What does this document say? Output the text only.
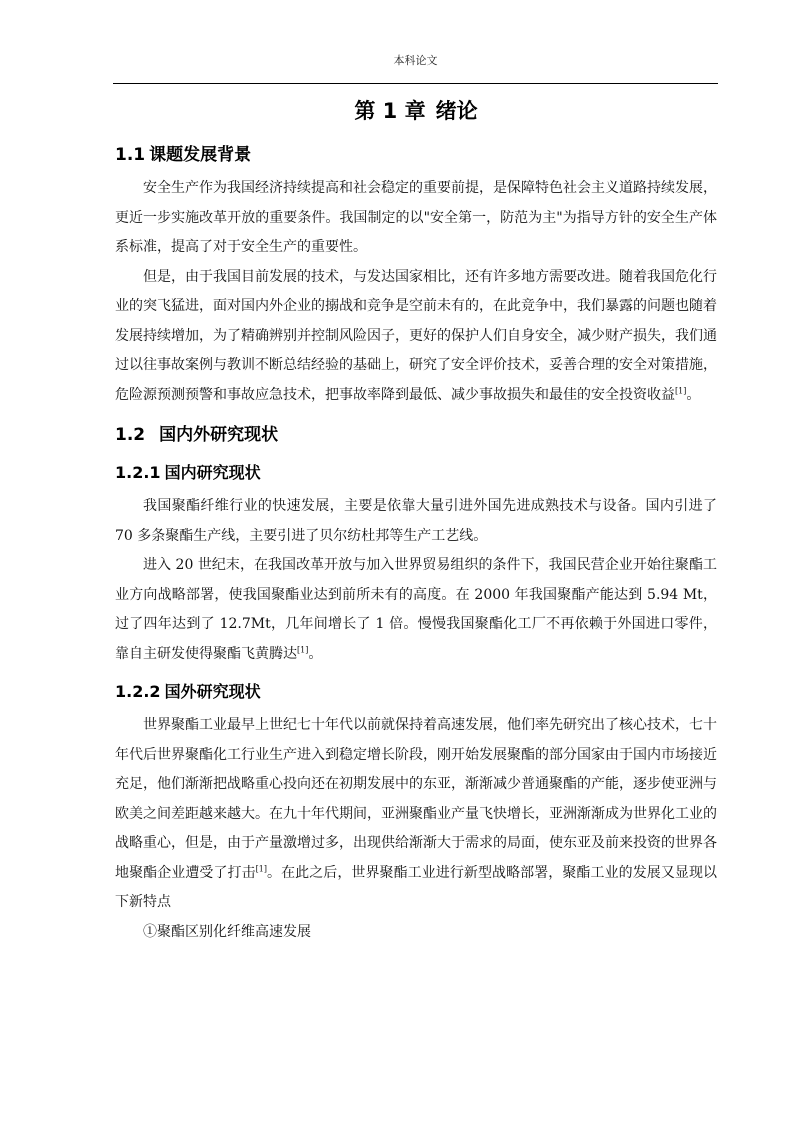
本科论文
第 1 章 绪论
1.1 课题发展背景

安全生产作为我国经济持续提高和社会稳定的重要前提，是保障特色社会主义道路持续发展，更近一步实施改革开放的重要条件。我国制定的以"安全第一，防范为主"为指导方针的安全生产体系标准，提高了对于安全生产的重要性。

但是，由于我国目前发展的技术，与发达国家相比，还有许多地方需要改进。随着我国危化行业的突飞猛进，面对国内外企业的搦战和竞争是空前未有的，在此竞争中，我们暴露的问题也随着发展持续增加，为了精确辨别并控制风险因子，更好的保护人们自身安全，减少财产损失，我们通过以往事故案例与教训不断总结经验的基础上，研究了安全评价技术，妥善合理的安全对策措施，危险源预测预警和事故应急技术，把事故率降到最低、减少事故损失和最佳的安全投资收益[1]。

1.2 国内外研究现状
1.2.1 国内研究现状

我国聚酯纤维行业的快速发展，主要是依靠大量引进外国先进成熟技术与设备。国内引进了 70 多条聚酯生产线，主要引进了贝尔纺杜邦等生产工艺线。

进入 20 世纪末，在我国改革开放与加入世界贸易组织的条件下，我国民营企业开始往聚酯工业方向战略部署，使我国聚酯业达到前所未有的高度。在 2000 年我国聚酯产能达到 5.94 Mt，过了四年达到了 12.7Mt，几年间增长了 1 倍。慢慢我国聚酯化工厂不再依赖于外国进口零件，靠自主研发使得聚酯飞黄腾达[1]。

1.2.2 国外研究现状

世界聚酯工业最早上世纪七十年代以前就保持着高速发展，他们率先研究出了核心技术，七十年代后世界聚酯化工行业生产进入到稳定增长阶段，刚开始发展聚酯的部分国家由于国内市场接近充足，他们渐渐把战略重心投向还在初期发展中的东亚，渐渐减少普通聚酯的产能，逐步使亚洲与欧美之间差距越来越大。在九十年代期间，亚洲聚酯业产量飞快增长，亚洲渐渐成为世界化工业的战略重心，但是，由于产量激增过多，出现供给渐渐大于需求的局面，使东亚及前来投资的世界各地聚酯企业遭受了打击[1]。在此之后，世界聚酯工业进行新型战略部署，聚酯工业的发展又显现以下新特点

①聚酯区别化纤维高速发展
